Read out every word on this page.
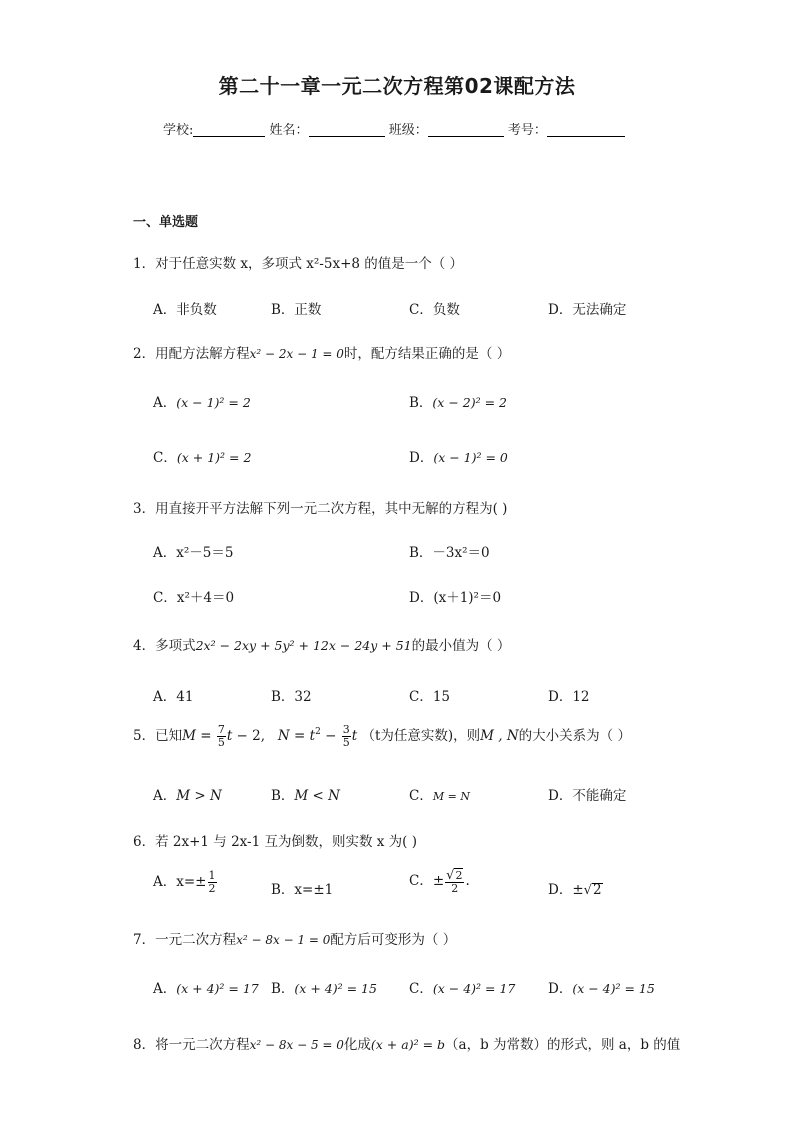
第二十一章一元二次方程第02课配方法
学校:	姓名：	班级：	考号：
一、单选题
1．对于任意实数 x，多项式 x²-5x+8 的值是一个（ ）
A．非负数	B．正数	C．负数	D．无法确定
2．用配方法解方程x² − 2x − 1 = 0时，配方结果正确的是（ ）
A．(x − 1)² = 2	B．(x − 2)² = 2
C．(x + 1)² = 2	D．(x − 1)² = 0
3．用直接开平方法解下列一元二次方程，其中无解的方程为( )
A．x²－5＝5	B．－3x²＝0
C．x²＋4＝0	D．(x＋1)²＝0
4．多项式2x² − 2xy + 5y² + 12x − 24y + 51的最小值为（ ）
A．41	B．32	C．15	D．12
5．已知$M = \frac{7}{5}$ t − 2,   $N = t^2 - \frac{3}{5}$ t （t为任意实数)，则M , N的大小关系为（ ）
A．M > N	B．M < N	C．M = N	D．不能确定
6．若 2x+1 与 2x-1 互为倒数，则实数 x 为( )
A．$x=\pm \frac{1}{2}$	B．x=±1
C．± $\frac{√2}{2}$ .
D．±√2
7．一元二次方程x² − 8x − 1 = 0配方后可变形为（ ）
A．(x + 4)² = 17 B．(x + 4)² = 15 C．(x − 4)² = 17 D．(x − 4)² = 15
8．将一元二次方程x² − 8x − 5 = 0化成(x + a)² = b（a，b 为常数）的形式，则 a，b 的值
